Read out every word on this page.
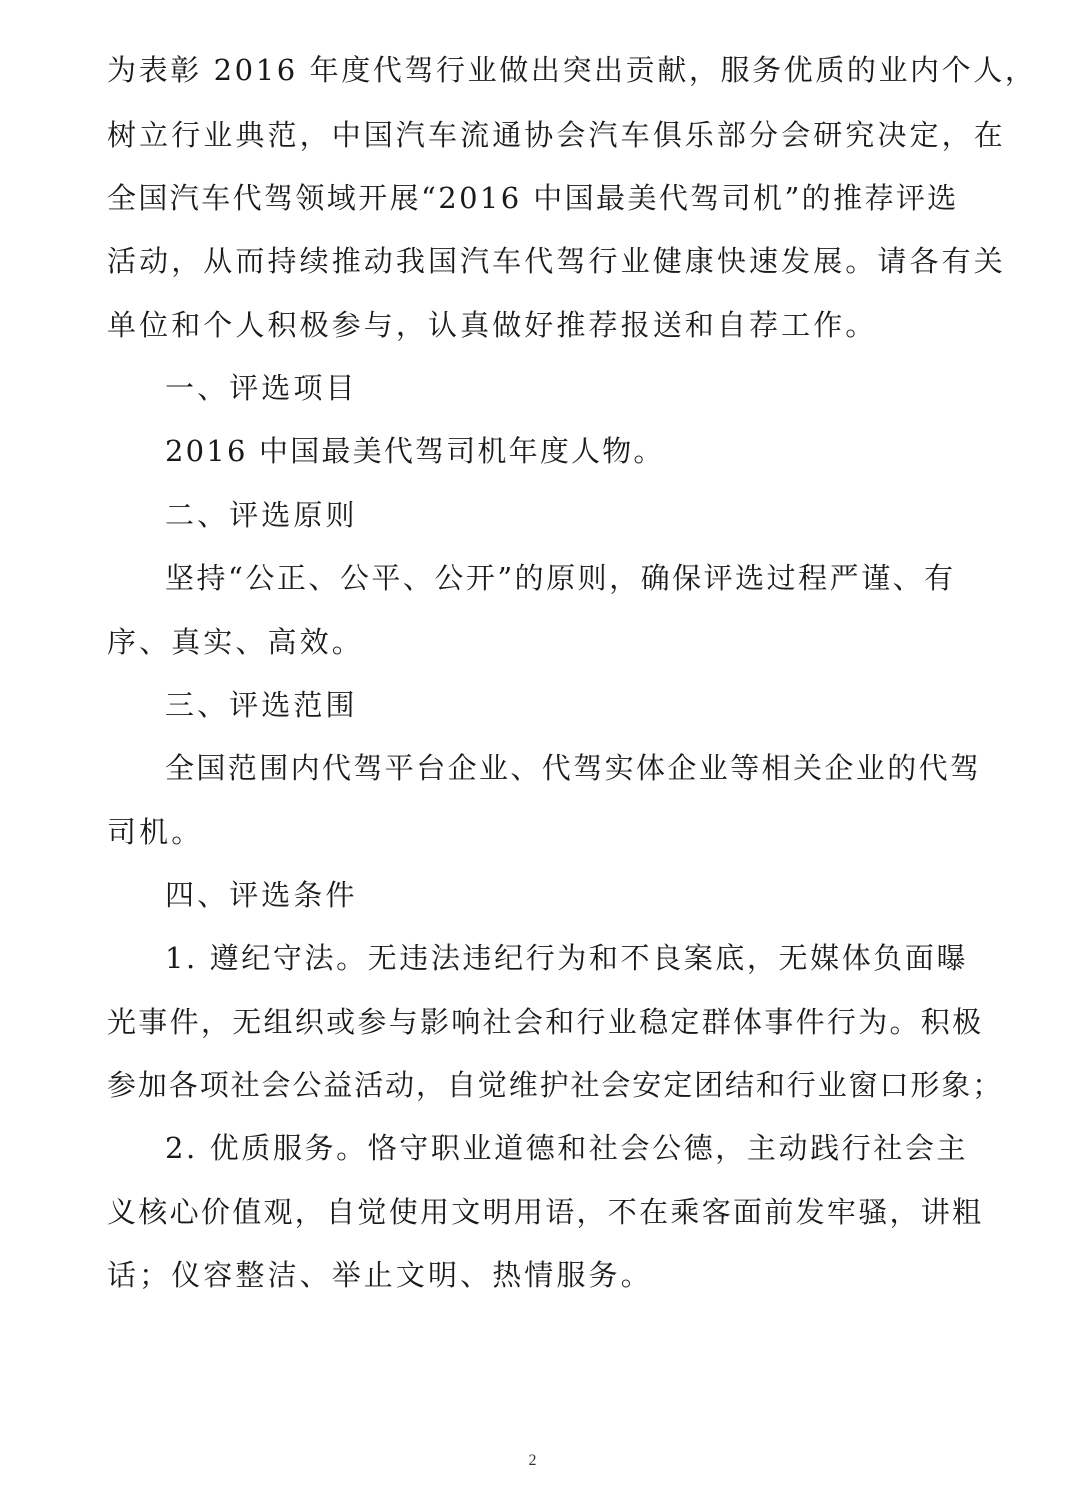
为表彰 2016 年度代驾行业做出突出贡献，服务优质的业内个人，
树立行业典范，中国汽车流通协会汽车俱乐部分会研究决定，在
全国汽车代驾领域开展“2016 中国最美代驾司机”的推荐评选
活动，从而持续推动我国汽车代驾行业健康快速发展。请各有关
单位和个人积极参与，认真做好推荐报送和自荐工作。
一、评选项目
2016 中国最美代驾司机年度人物。
二、评选原则
坚持“公正、公平、公开”的原则，确保评选过程严谨、有
序、真实、高效。
三、评选范围
全国范围内代驾平台企业、代驾实体企业等相关企业的代驾
司机。
四、评选条件
1. 遵纪守法。无违法违纪行为和不良案底，无媒体负面曝
光事件，无组织或参与影响社会和行业稳定群体事件行为。积极
参加各项社会公益活动，自觉维护社会安定团结和行业窗口形象；
2. 优质服务。恪守职业道德和社会公德，主动践行社会主
义核心价值观，自觉使用文明用语，不在乘客面前发牢骚，讲粗
话；仪容整洁、举止文明、热情服务。
2
